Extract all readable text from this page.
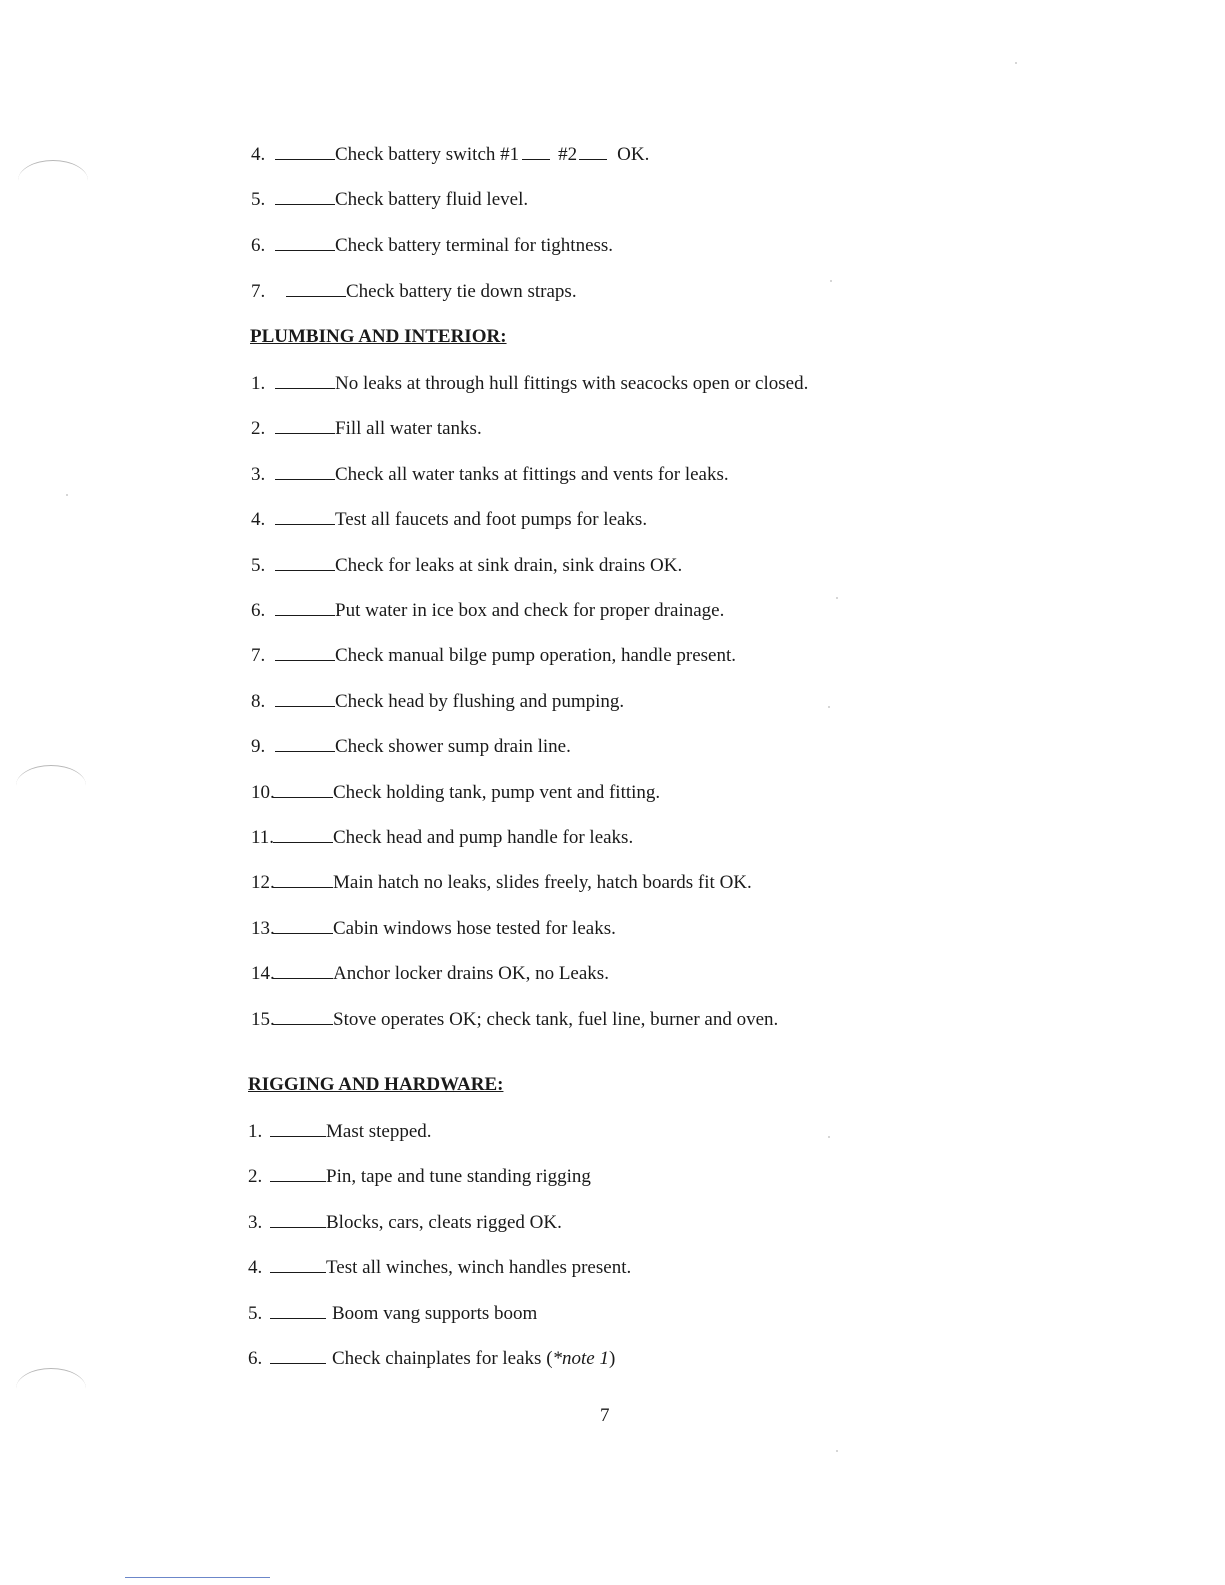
4.	Check battery switch #1 #2 OK.
5.	Check battery fluid level.
6.	Check battery terminal for tightness.
7.	Check battery tie down straps.
PLUMBING AND INTERIOR:
1.	No leaks at through hull fittings with seacocks open or closed.
2.	Fill all water tanks.
3.	Check all water tanks at fittings and vents for leaks.
4.	Test all faucets and foot pumps for leaks.
5.	Check for leaks at sink drain, sink drains OK.
6.	Put water in ice box and check for proper drainage.
7.	Check manual bilge pump operation, handle present.
8.	Check head by flushing and pumping.
9.	Check shower sump drain line.
10.	Check holding tank, pump vent and fitting.
11.	Check head and pump handle for leaks.
12.	Main hatch no leaks, slides freely, hatch boards fit OK.
13.	Cabin windows hose tested for leaks.
14.	Anchor locker drains OK, no Leaks.
15.	Stove operates OK; check tank, fuel line, burner and oven.
RIGGING AND HARDWARE:
1.	Mast stepped.
2.	Pin, tape and tune standing rigging
3.	Blocks, cars, cleats rigged OK.
4.	Test all winches, winch handles present.
5.	Boom vang supports boom
6.	Check chainplates for leaks (*note 1)
7
